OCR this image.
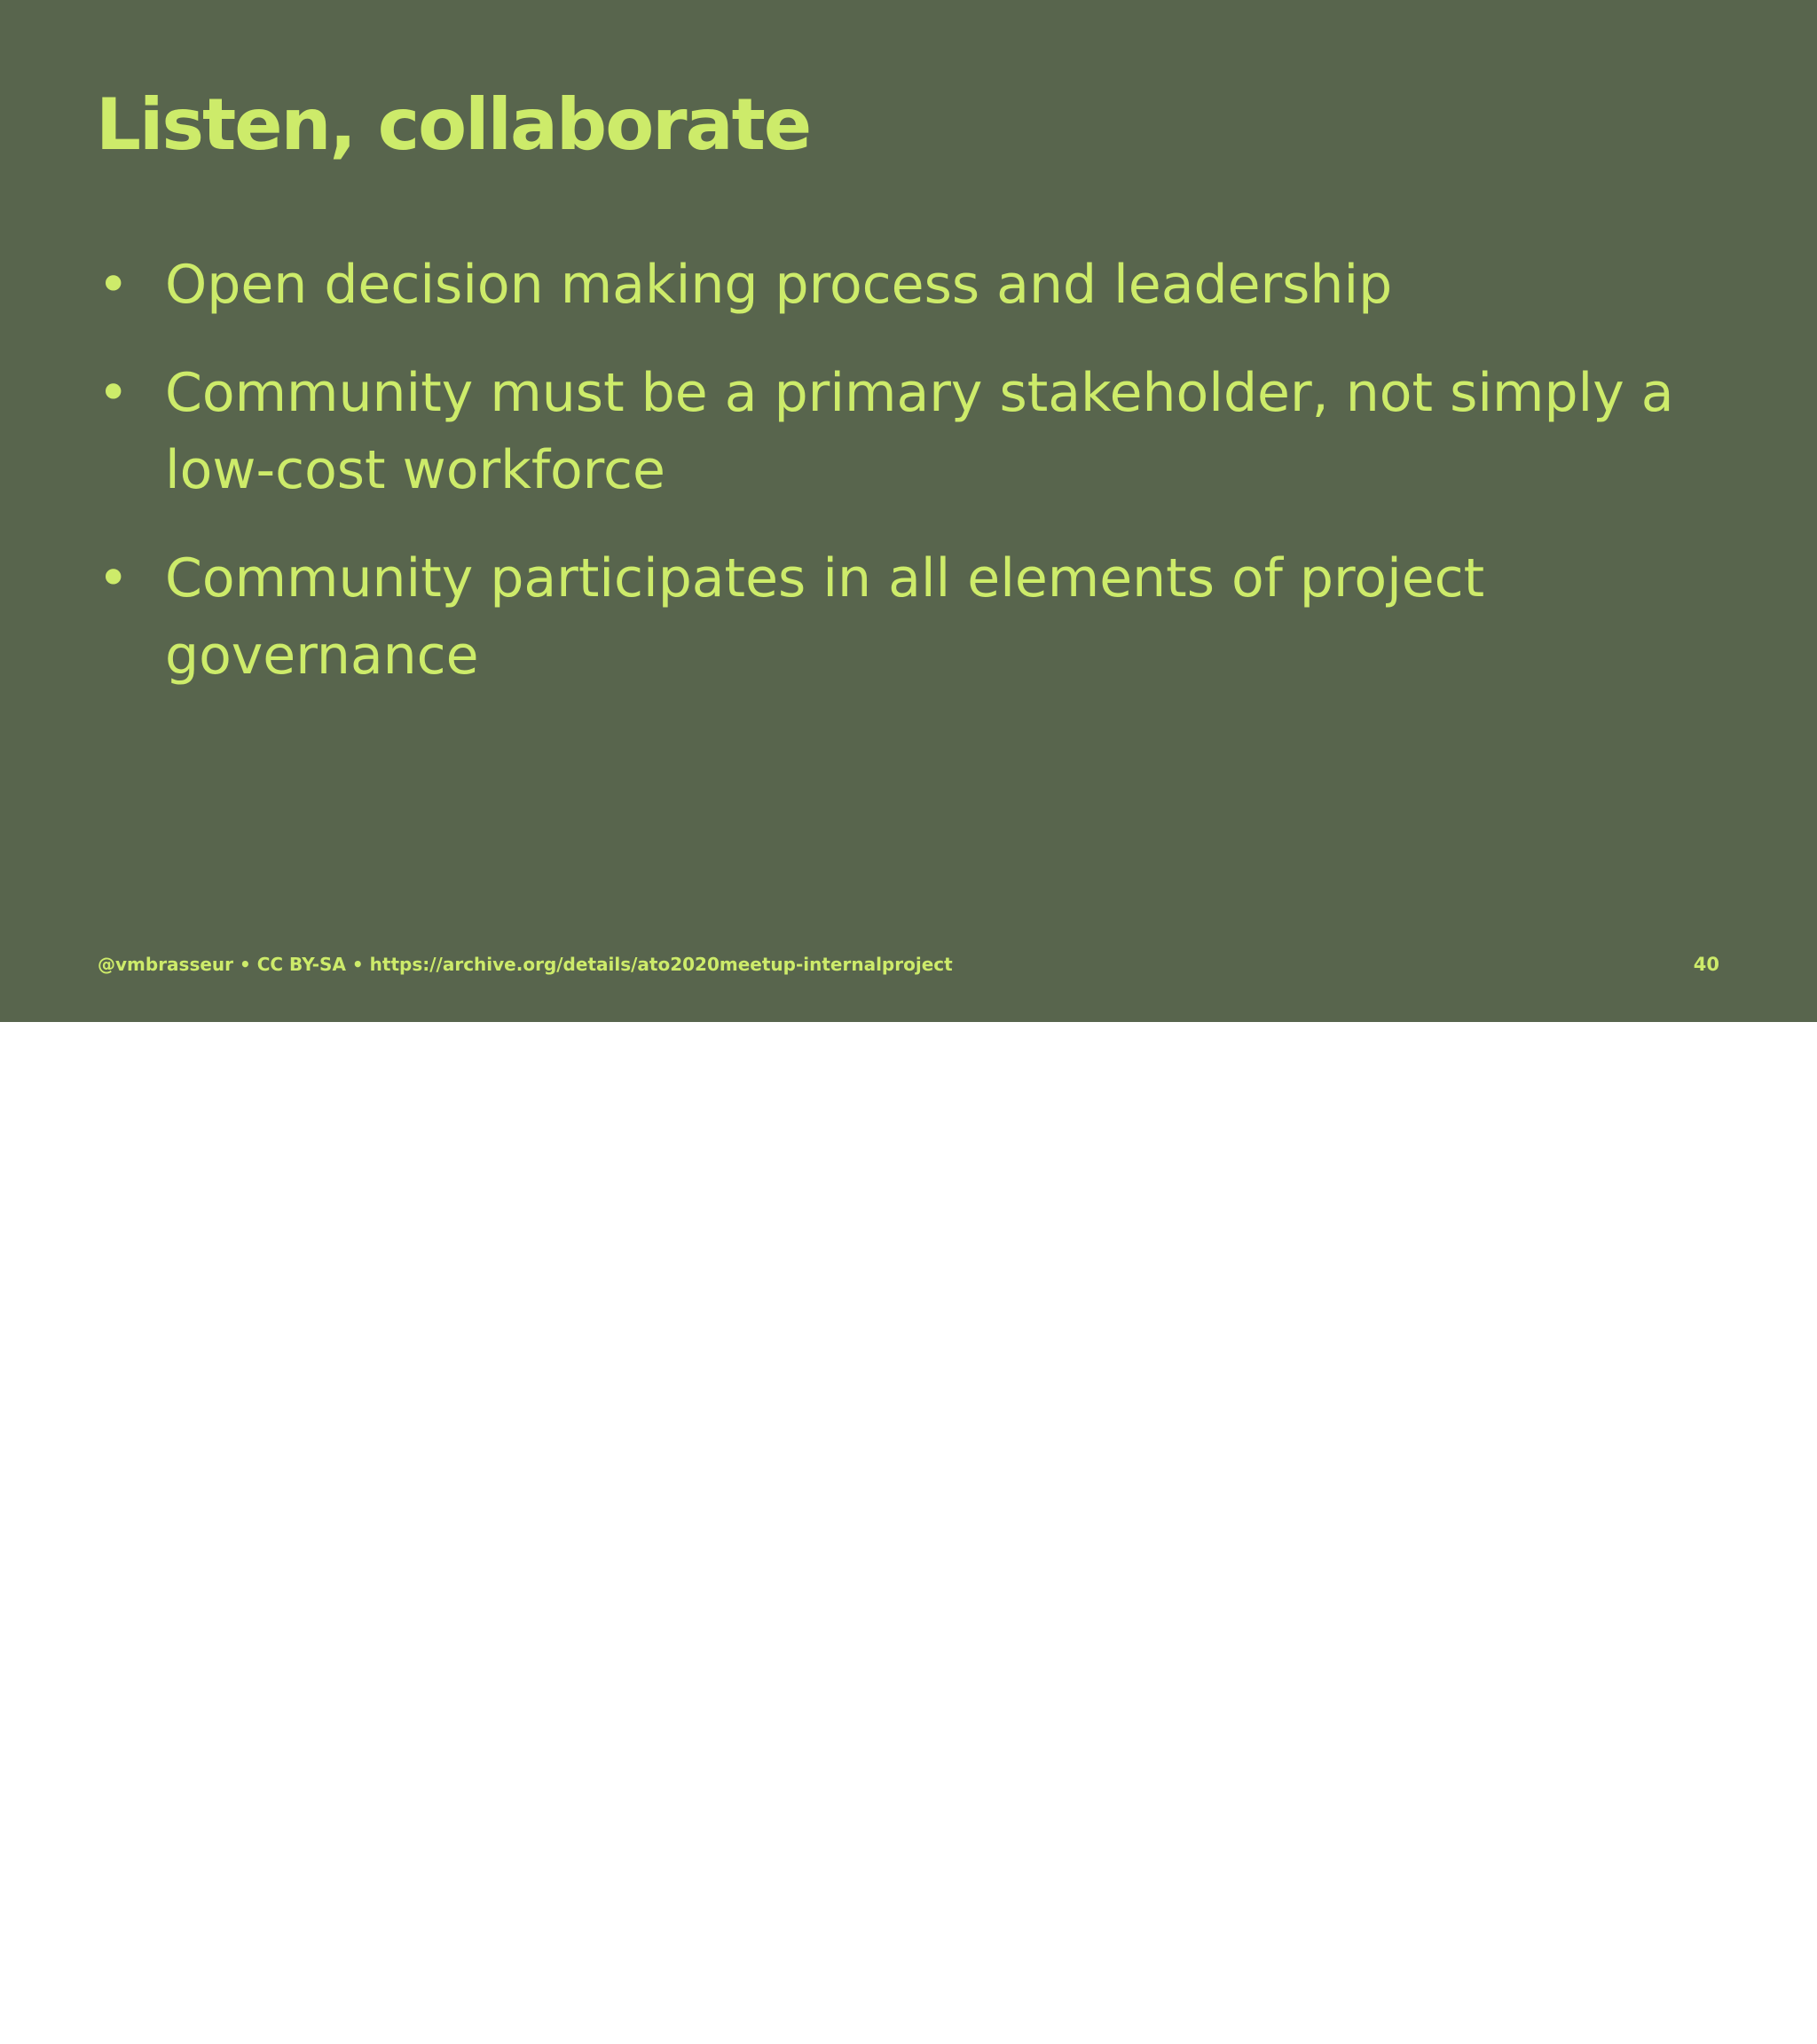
Listen, collaborate
• Open decision making process and leadership
• Community must be a primary stakeholder, not simply a low-cost workforce
• Community participates in all elements of project governance
@vmbrasseur • CC BY-SA • https://archive.org/details/ato2020meetup-internalproject	40
